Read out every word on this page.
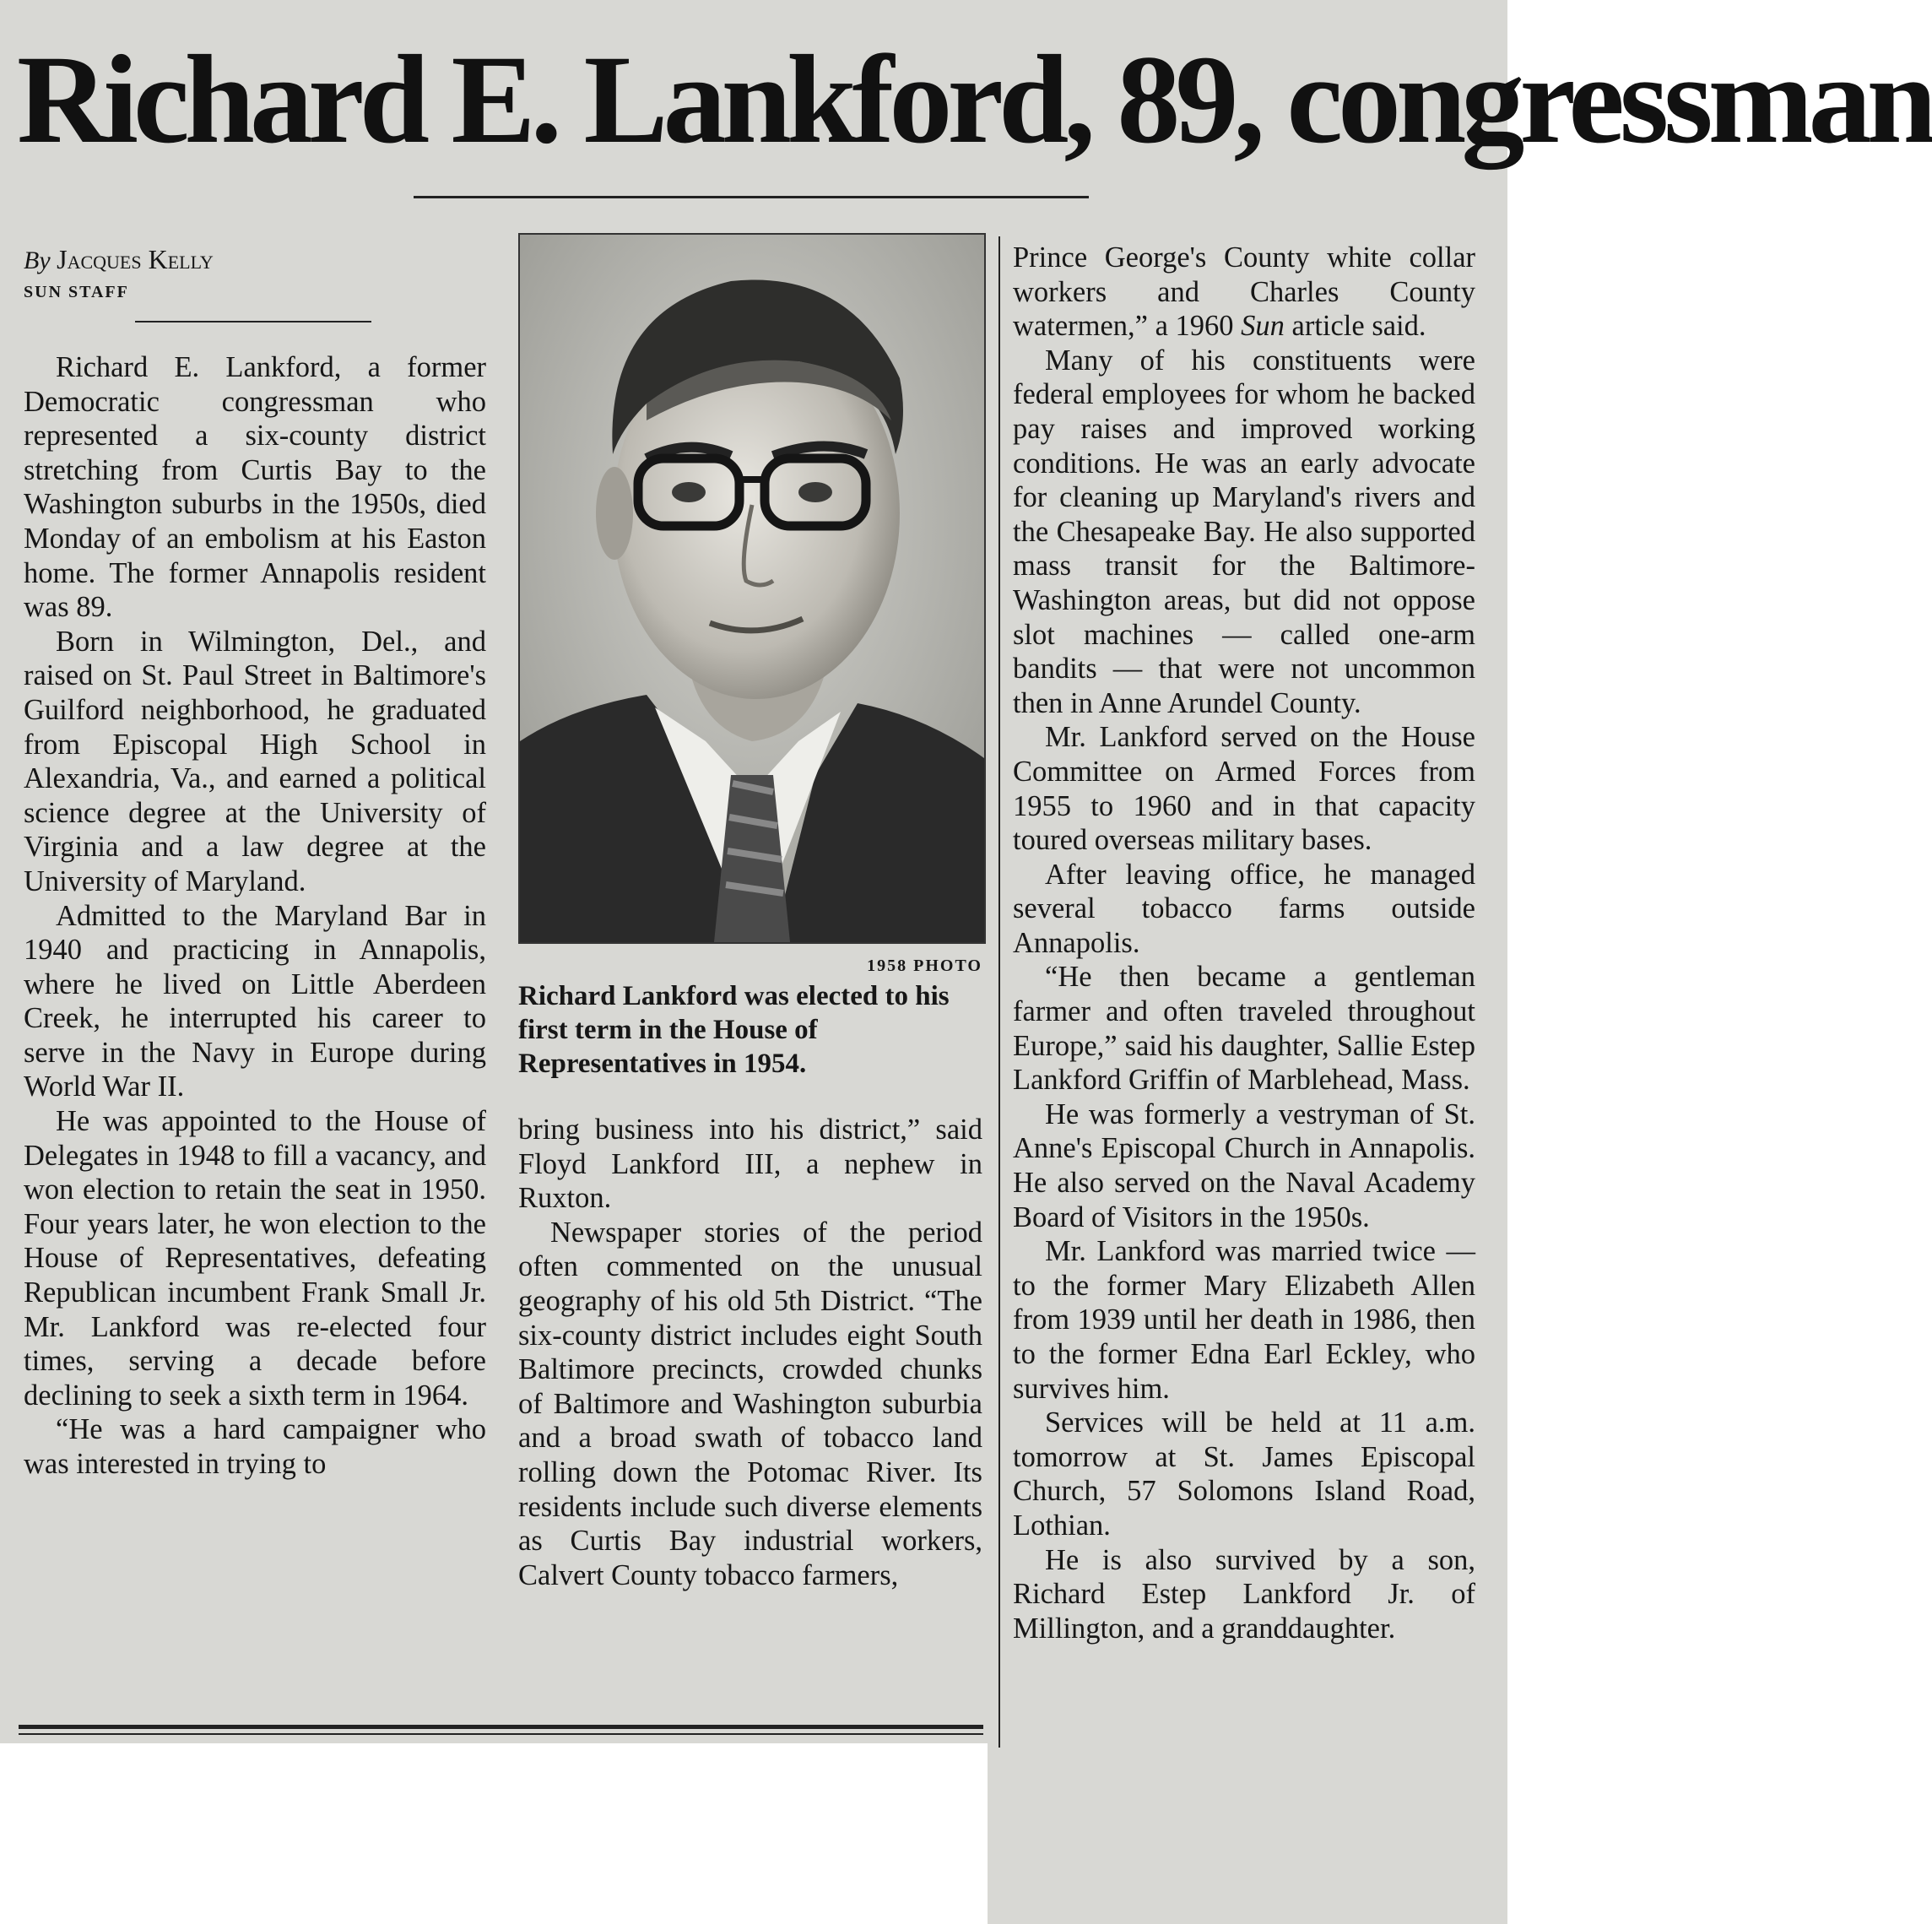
Richard E. Lankford, 89, congressman
By Jacques Kelly
SUN STAFF

Richard E. Lankford, a former Democratic congressman who represented a six-county district stretching from Curtis Bay to the Washington suburbs in the 1950s, died Monday of an embolism at his Easton home. The former Annapolis resident was 89.

Born in Wilmington, Del., and raised on St. Paul Street in Baltimore's Guilford neighborhood, he graduated from Episcopal High School in Alexandria, Va., and earned a political science degree at the University of Virginia and a law degree at the University of Maryland.

Admitted to the Maryland Bar in 1940 and practicing in Annapolis, where he lived on Little Aberdeen Creek, he interrupted his career to serve in the Navy in Europe during World War II.

He was appointed to the House of Delegates in 1948 to fill a vacancy, and won election to retain the seat in 1950. Four years later, he won election to the House of Representatives, defeating Republican incumbent Frank Small Jr. Mr. Lankford was re-elected four times, serving a decade before declining to seek a sixth term in 1964.

“He was a hard campaigner who was interested in trying to

1958 PHOTO
Richard Lankford was elected to his first term in the House of Representatives in 1954.

bring business into his district,” said Floyd Lankford III, a nephew in Ruxton.

Newspaper stories of the period often commented on the unusual geography of his old 5th District. “The six-county district includes eight South Baltimore precincts, crowded chunks of Baltimore and Washington suburbia and a broad swath of tobacco land rolling down the Potomac River. Its residents include such diverse elements as Curtis Bay industrial workers, Calvert County tobacco farmers,

Prince George's County white collar workers and Charles County watermen,” a 1960 Sun article said.

Many of his constituents were federal employees for whom he backed pay raises and improved working conditions. He was an early advocate for cleaning up Maryland's rivers and the Chesapeake Bay. He also supported mass transit for the Baltimore-Washington areas, but did not oppose slot machines — called one-arm bandits — that were not uncommon then in Anne Arundel County.

Mr. Lankford served on the House Committee on Armed Forces from 1955 to 1960 and in that capacity toured overseas military bases.

After leaving office, he managed several tobacco farms outside Annapolis.

“He then became a gentleman farmer and often traveled throughout Europe,” said his daughter, Sallie Estep Lankford Griffin of Marblehead, Mass.

He was formerly a vestryman of St. Anne's Episcopal Church in Annapolis. He also served on the Naval Academy Board of Visitors in the 1950s.

Mr. Lankford was married twice — to the former Mary Elizabeth Allen from 1939 until her death in 1986, then to the former Edna Earl Eckley, who survives him.

Services will be held at 11 a.m. tomorrow at St. James Episcopal Church, 57 Solomons Island Road, Lothian.

He is also survived by a son, Richard Estep Lankford Jr. of Millington, and a granddaughter.
